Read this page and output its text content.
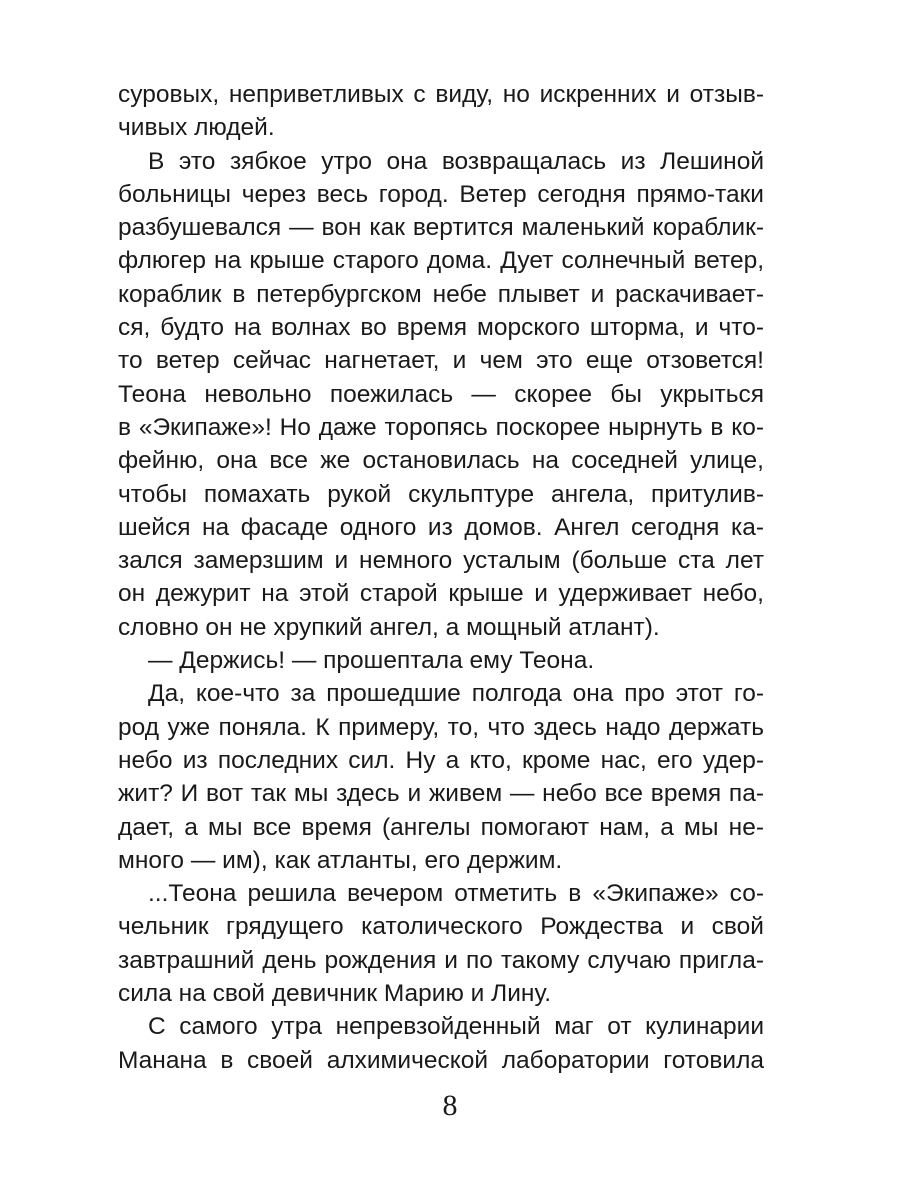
суровых, неприветливых с виду, но искренних и отзыв-
чивых людей.
В это зябкое утро она возвращалась из Лешиной
больницы через весь город. Ветер сегодня прямо-таки
разбушевался — вон как вертится маленький кораблик-
флюгер на крыше старого дома. Дует солнечный ветер,
кораблик в петербургском небе плывет и раскачивает-
ся, будто на волнах во время морского шторма, и что-
то ветер сейчас нагнетает, и чем это еще отзовется!
Теона невольно поежилась — скорее бы укрыться
в «Экипаже»! Но даже торопясь поскорее нырнуть в ко-
фейню, она все же остановилась на соседней улице,
чтобы помахать рукой скульптуре ангела, притулив-
шейся на фасаде одного из домов. Ангел сегодня ка-
зался замерзшим и немного усталым (больше ста лет
он дежурит на этой старой крыше и удерживает небо,
словно он не хрупкий ангел, а мощный атлант).
— Держись! — прошептала ему Теона.
Да, кое-что за прошедшие полгода она про этот го-
род уже поняла. К примеру, то, что здесь надо держать
небо из последних сил. Ну а кто, кроме нас, его удер-
жит? И вот так мы здесь и живем — небо все время па-
дает, а мы все время (ангелы помогают нам, а мы не-
много — им), как атланты, его держим.
...Теона решила вечером отметить в «Экипаже» со-
чельник грядущего католического Рождества и свой
завтрашний день рождения и по такому случаю пригла-
сила на свой девичник Марию и Лину.
С самого утра непревзойденный маг от кулинарии
Манана в своей алхимической лаборатории готовила
8
